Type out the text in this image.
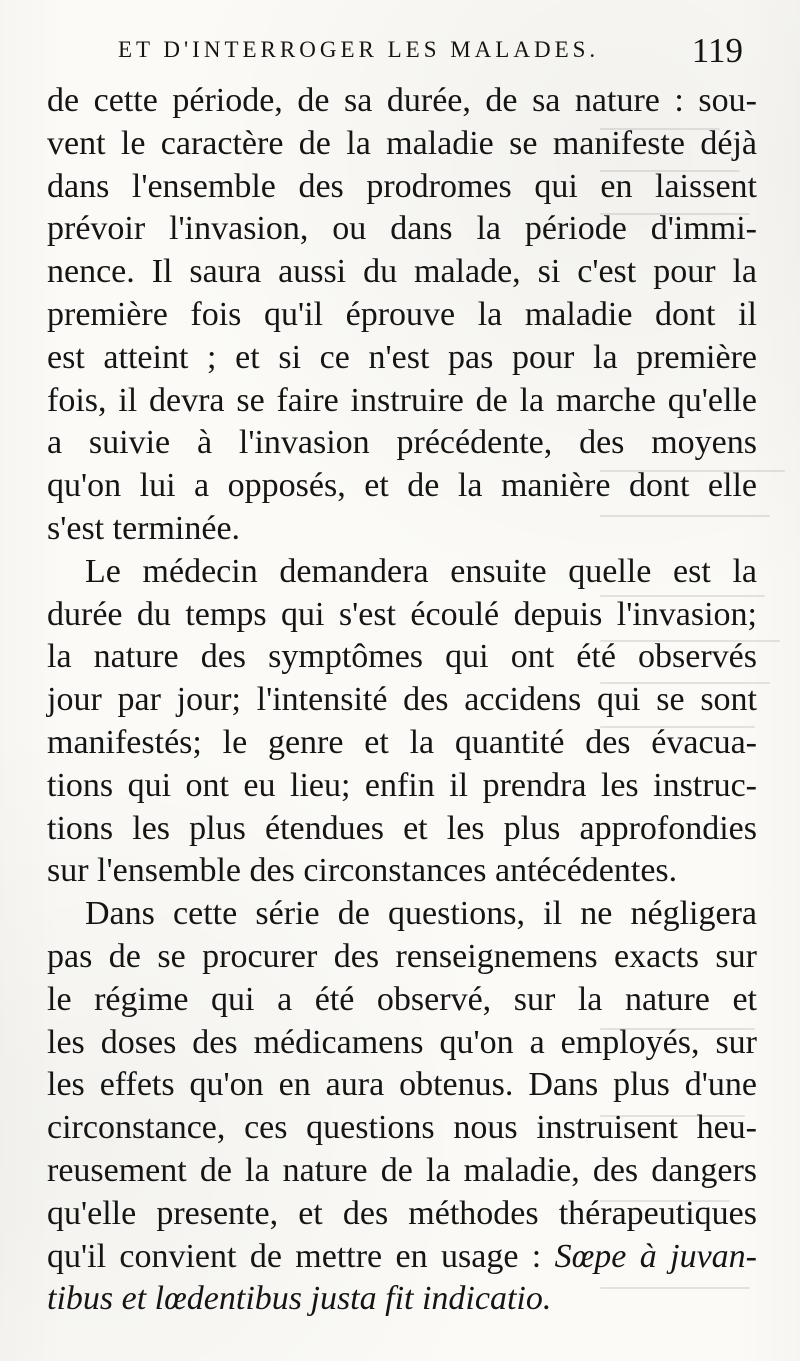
ET D'INTERROGER LES MALADES.	119
de cette période, de sa durée, de sa nature : sou-
vent le caractère de la maladie se manifeste déjà
dans l'ensemble des prodromes qui en laissent
prévoir l'invasion, ou dans la période d'immi-
nence. Il saura aussi du malade, si c'est pour la
première fois qu'il éprouve la maladie dont il
est atteint ; et si ce n'est pas pour la première
fois, il devra se faire instruire de la marche qu'elle
a suivie à l'invasion précédente, des moyens
qu'on lui a opposés, et de la manière dont elle
s'est terminée.
Le médecin demandera ensuite quelle est la
durée du temps qui s'est écoulé depuis l'invasion;
la nature des symptômes qui ont été observés
jour par jour; l'intensité des accidens qui se sont
manifestés; le genre et la quantité des évacua-
tions qui ont eu lieu; enfin il prendra les instruc-
tions les plus étendues et les plus approfondies
sur l'ensemble des circonstances antécédentes.
Dans cette série de questions, il ne négligera
pas de se procurer des renseignemens exacts sur
le régime qui a été observé, sur la nature et
les doses des médicamens qu'on a employés, sur
les effets qu'on en aura obtenus. Dans plus d'une
circonstance, ces questions nous instruisent heu-
reusement de la nature de la maladie, des dangers
qu'elle presente, et des méthodes thérapeutiques
qu'il convient de mettre en usage : Sœpe à juvan-
tibus et lœdentibus justa fit indicatio.
